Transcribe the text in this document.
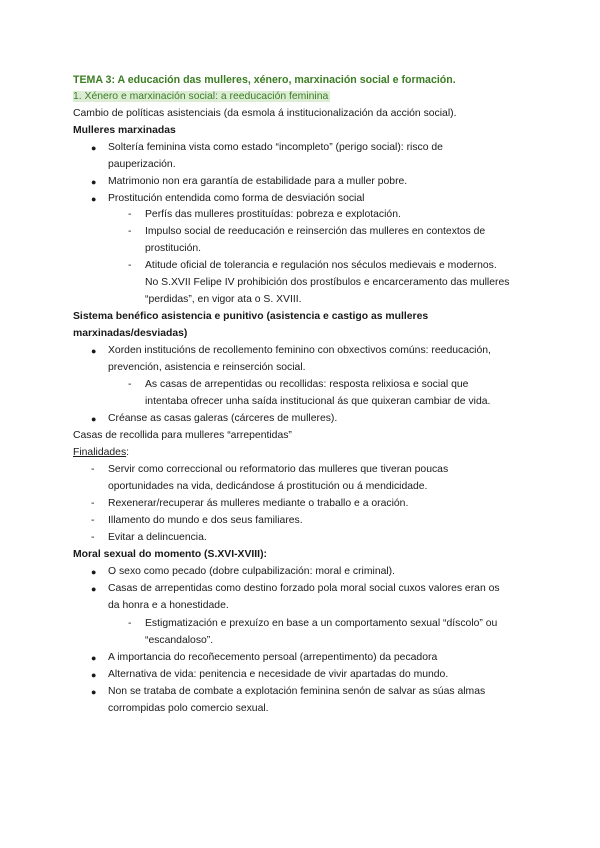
TEMA 3: A educación das mulleres, xénero, marxinación social e formación.
1. Xénero e marxinación social: a reeducación feminina
Cambio de políticas asistenciais (da esmola á institucionalización da acción social).
Mulleres marxinadas
● Soltería feminina vista como estado “incompleto” (perigo social): risco de
pauperización.
● Matrimonio non era garantía de estabilidade para a muller pobre.
● Prostitución entendida como forma de desviación social
- Perfís das mulleres prostituídas: pobreza e explotación.
- Impulso social de reeducación e reinserción das mulleres en contextos de
prostitución.
- Atitude oficial de tolerancia e regulación nos séculos medievais e modernos.
No S.XVII Felipe IV prohibición dos prostíbulos e encarceramento das mulleres
“perdidas”, en vigor ata o S. XVIII.
Sistema benéfico asistencia e punitivo (asistencia e castigo as mulleres
marxinadas/desviadas)
● Xorden institucións de recollemento feminino con obxectivos comúns: reeducación,
prevención, asistencia e reinserción social.
- As casas de arrepentidas ou recollidas: resposta relixiosa e social que
intentaba ofrecer unha saída institucional ás que quixeran cambiar de vida.
● Créanse as casas galeras (cárceres de mulleres).
Casas de recollida para mulleres “arrepentidas”
Finalidades:
- Servir como correccional ou reformatorio das mulleres que tiveran poucas
oportunidades na vida, dedicándose á prostitución ou á mendicidade.
- Rexenerar/recuperar ás mulleres mediante o traballo e a oración.
- Illamento do mundo e dos seus familiares.
- Evitar a delincuencia.
Moral sexual do momento (S.XVI-XVIII):
● O sexo como pecado (dobre culpabilización: moral e criminal).
● Casas de arrepentidas como destino forzado pola moral social cuxos valores eran os
da honra e a honestidade.
- Estigmatización e prexuízo en base a un comportamento sexual “díscolo” ou
“escandaloso”.
● A importancia do recoñecemento persoal (arrepentimento) da pecadora
● Alternativa de vida: penitencia e necesidade de vivir apartadas do mundo.
● Non se trataba de combate a explotación feminina senón de salvar as súas almas
corrompidas polo comercio sexual.
